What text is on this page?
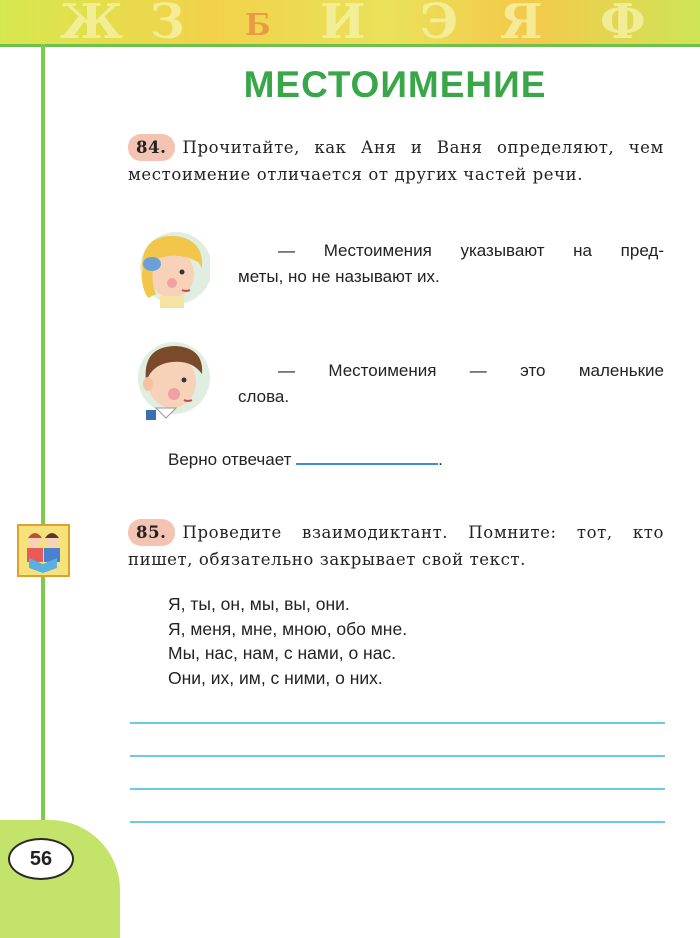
Ж З Б И Э Я Ф
56
МЕСТОИМЕНИЕ
84. Прочитайте, как Аня и Ваня определяют, чем местоимение отличается от других частей речи.
— Местоимения указывают на пред-
меты, но не называют их.
— Местоимения — это маленькие
слова.
Верно отвечает	.
85. Проведите взаимодиктант. Помните: тот, кто пишет, обязательно закрывает свой текст.
Я, ты, он, мы, вы, они.
Я, меня, мне, мною, обо мне.
Мы, нас, нам, с нами, о нас.
Они, их, им, с ними, о них.
